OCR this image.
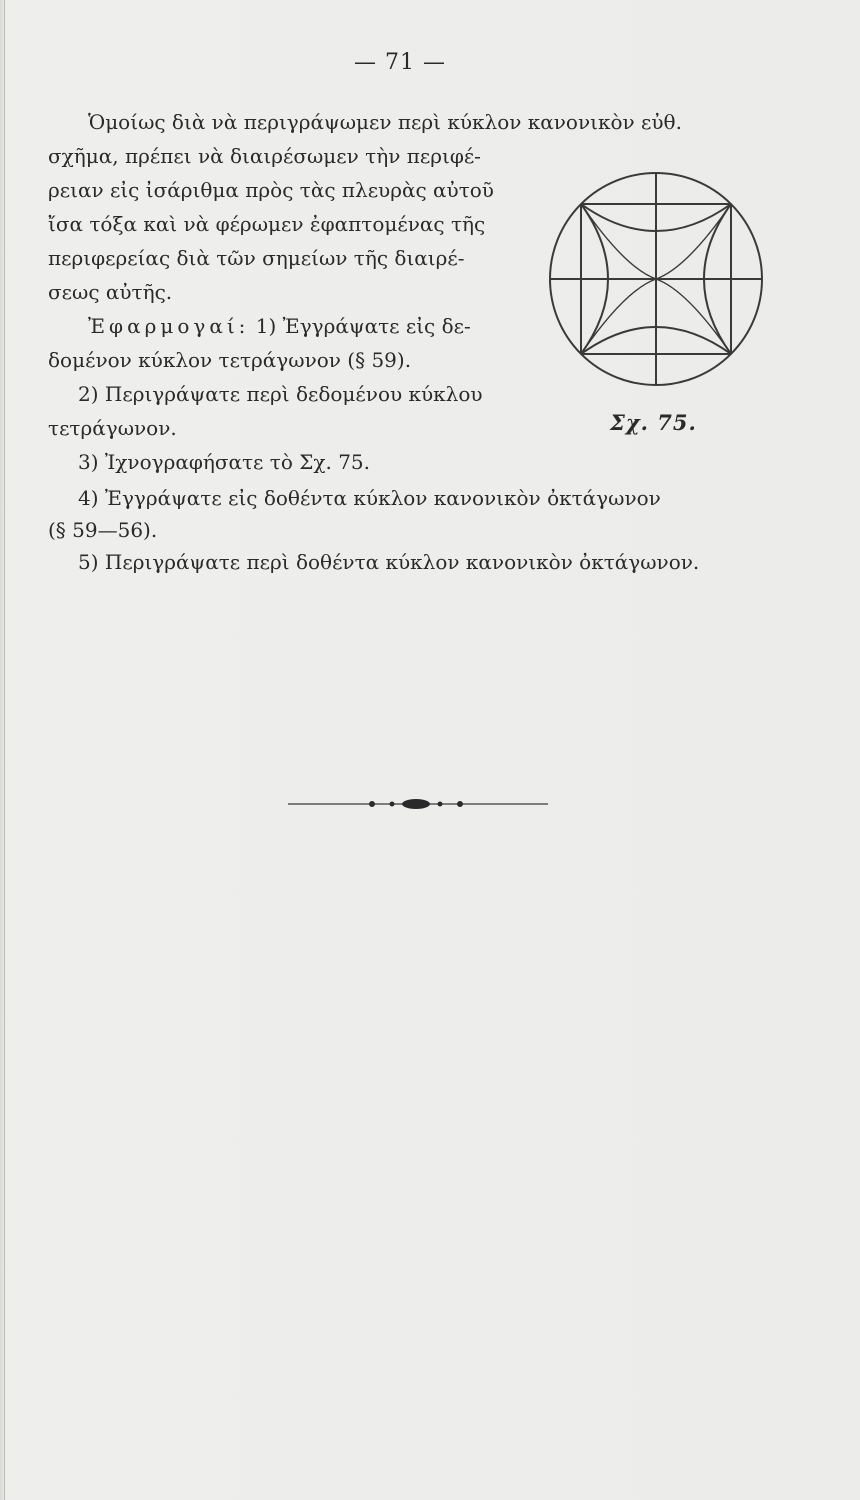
— 71 —
Ὁμοίως διὰ νὰ περιγράψωμεν περὶ κύκλον κανονικὸν εὐθ.
σχῆμα, πρέπει νὰ διαιρέσωμεν τὴν περιφέ-
ρειαν εἰς ἰσάριθμα πρὸς τὰς πλευρὰς αὐτοῦ
ἴσα τόξα καὶ νὰ φέρωμεν ἐφαπτομένας τῆς
περιφερείας διὰ τῶν σημείων τῆς διαιρέ-
σεως αὐτῆς.
Ἐφαρμογαί: 1) Ἐγγράψατε εἰς δε-
δομένον κύκλον τετράγωνον (§ 59).
2) Περιγράψατε περὶ δεδομένου κύκλου
τετράγωνον.
3) Ἰχνογραφήσατε τὸ Σχ. 75.
4) Ἐγγράψατε εἰς δοθέντα κύκλον κανονικὸν ὀκτάγωνον
(§ 59—56).
5) Περιγράψατε περὶ δοθέντα κύκλον κανονικὸν ὀκτάγωνον.
Σχ. 75.
